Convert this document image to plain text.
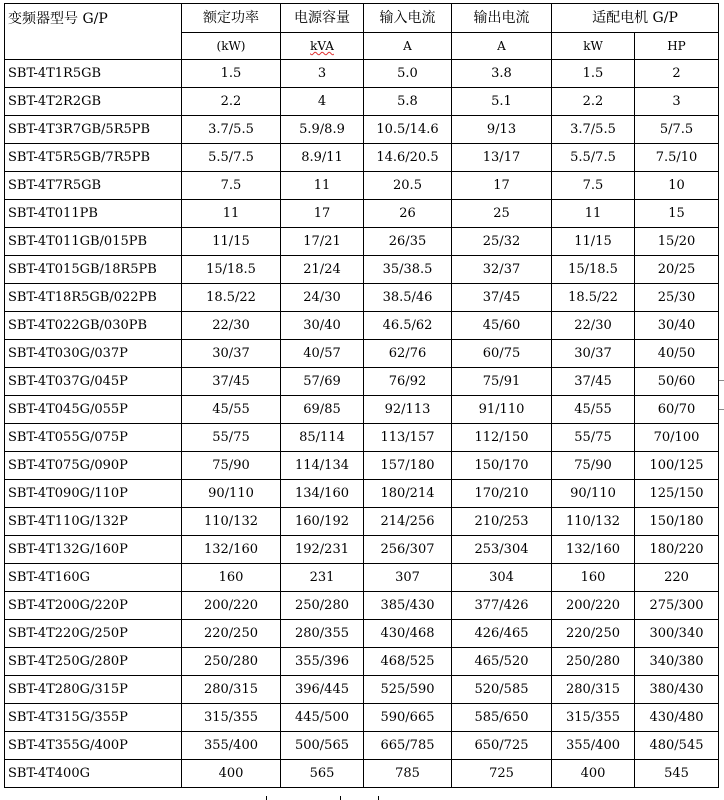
变频器型号 G/P	额定功率	电源容量	输入电流	输出电流	适配电机 G/P	
	(kW)	kVA	A	A	kW	HP
SBT-4T1R5GB	1.5	3	5.0	3.8	1.5	2
SBT-4T2R2GB	2.2	4	5.8	5.1	2.2	3
SBT-4T3R7GB/5R5PB	3.7/5.5	5.9/8.9	10.5/14.6	9/13	3.7/5.5	5/7.5
SBT-4T5R5GB/7R5PB	5.5/7.5	8.9/11	14.6/20.5	13/17	5.5/7.5	7.5/10
SBT-4T7R5GB	7.5	11	20.5	17	7.5	10
SBT-4T011PB	11	17	26	25	11	15
SBT-4T011GB/015PB	11/15	17/21	26/35	25/32	11/15	15/20
SBT-4T015GB/18R5PB	15/18.5	21/24	35/38.5	32/37	15/18.5	20/25
SBT-4T18R5GB/022PB	18.5/22	24/30	38.5/46	37/45	18.5/22	25/30
SBT-4T022GB/030PB	22/30	30/40	46.5/62	45/60	22/30	30/40
SBT-4T030G/037P	30/37	40/57	62/76	60/75	30/37	40/50
SBT-4T037G/045P	37/45	57/69	76/92	75/91	37/45	50/60
SBT-4T045G/055P	45/55	69/85	92/113	91/110	45/55	60/70
SBT-4T055G/075P	55/75	85/114	113/157	112/150	55/75	70/100
SBT-4T075G/090P	75/90	114/134	157/180	150/170	75/90	100/125
SBT-4T090G/110P	90/110	134/160	180/214	170/210	90/110	125/150
SBT-4T110G/132P	110/132	160/192	214/256	210/253	110/132	150/180
SBT-4T132G/160P	132/160	192/231	256/307	253/304	132/160	180/220
SBT-4T160G	160	231	307	304	160	220
SBT-4T200G/220P	200/220	250/280	385/430	377/426	200/220	275/300
SBT-4T220G/250P	220/250	280/355	430/468	426/465	220/250	300/340
SBT-4T250G/280P	250/280	355/396	468/525	465/520	250/280	340/380
SBT-4T280G/315P	280/315	396/445	525/590	520/585	280/315	380/430
SBT-4T315G/355P	315/355	445/500	590/665	585/650	315/355	430/480
SBT-4T355G/400P	355/400	500/565	665/785	650/725	355/400	480/545
SBT-4T400G	400	565	785	725	400	545
